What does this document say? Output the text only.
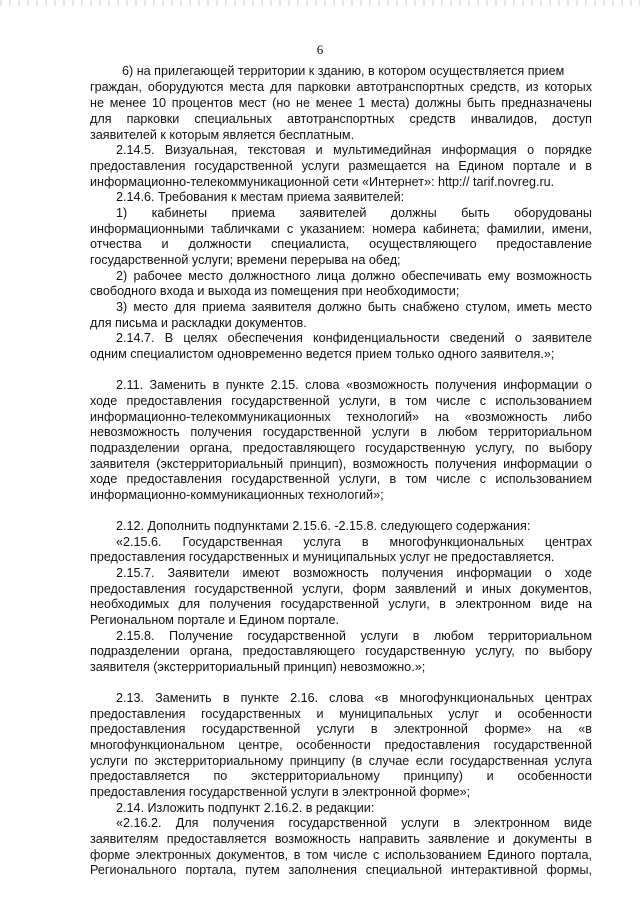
6
6) на прилегающей территории к зданию, в котором осуществляется прием
граждан, оборудуются места для парковки автотранспортных средств, из которых
не менее 10 процентов мест (но не менее 1 места) должны быть предназначены
для парковки специальных автотранспортных средств инвалидов, доступ
заявителей к которым является бесплатным.
2.14.5. Визуальная, текстовая и мультимедийная информация о порядке
предоставления государственной услуги размещается на Едином портале и в
информационно-телекоммуникационной сети «Интернет»: http:// tarif.novreg.ru.
2.14.6. Требования к местам приема заявителей:
1) кабинеты приема заявителей должны быть оборудованы
информационными табличками с указанием: номера кабинета; фамилии, имени,
отчества и должности специалиста, осуществляющего предоставление
государственной услуги; времени перерыва на обед;
2) рабочее место должностного лица должно обеспечивать ему возможность
свободного входа и выхода из помещения при необходимости;
3) место для приема заявителя должно быть снабжено стулом, иметь место
для письма и раскладки документов.
2.14.7. В целях обеспечения конфиденциальности сведений о заявителе
одним специалистом одновременно ведется прием только одного заявителя.»;
2.11. Заменить в пункте 2.15. слова «возможность получения информации о
ходе предоставления государственной услуги, в том числе с использованием
информационно-телекоммуникационных технологий» на «возможность либо
невозможность получения государственной услуги в любом территориальном
подразделении органа, предоставляющего государственную услугу, по выбору
заявителя (экстерриториальный принцип), возможность получения информации о
ходе предоставления государственной услуги, в том числе с использованием
информационно-коммуникационных технологий»;
2.12. Дополнить подпунктами 2.15.6. -2.15.8. следующего содержания:
«2.15.6. Государственная услуга в многофункциональных центрах
предоставления государственных и муниципальных услуг не предоставляется.
2.15.7. Заявители имеют возможность получения информации о ходе
предоставления государственной услуги, форм заявлений и иных документов,
необходимых для получения государственной услуги, в электронном виде на
Региональном портале и Едином портале.
2.15.8. Получение государственной услуги в любом территориальном
подразделении органа, предоставляющего государственную услугу, по выбору
заявителя (экстерриториальный принцип) невозможно.»;
2.13. Заменить в пункте 2.16. слова «в многофункциональных центрах
предоставления государственных и муниципальных услуг и особенности
предоставления государственной услуги в электронной форме» на «в
многофункциональном центре, особенности предоставления государственной
услуги по экстерриториальному принципу (в случае если государственная услуга
предоставляется по экстерриториальному принципу) и особенности
предоставления государственной услуги в электронной форме»;
2.14. Изложить подпункт 2.16.2. в редакции:
«2.16.2. Для получения государственной услуги в электронном виде
заявителям предоставляется возможность направить заявление и документы в
форме электронных документов, в том числе с использованием Единого портала,
Регионального портала, путем заполнения специальной интерактивной формы,
